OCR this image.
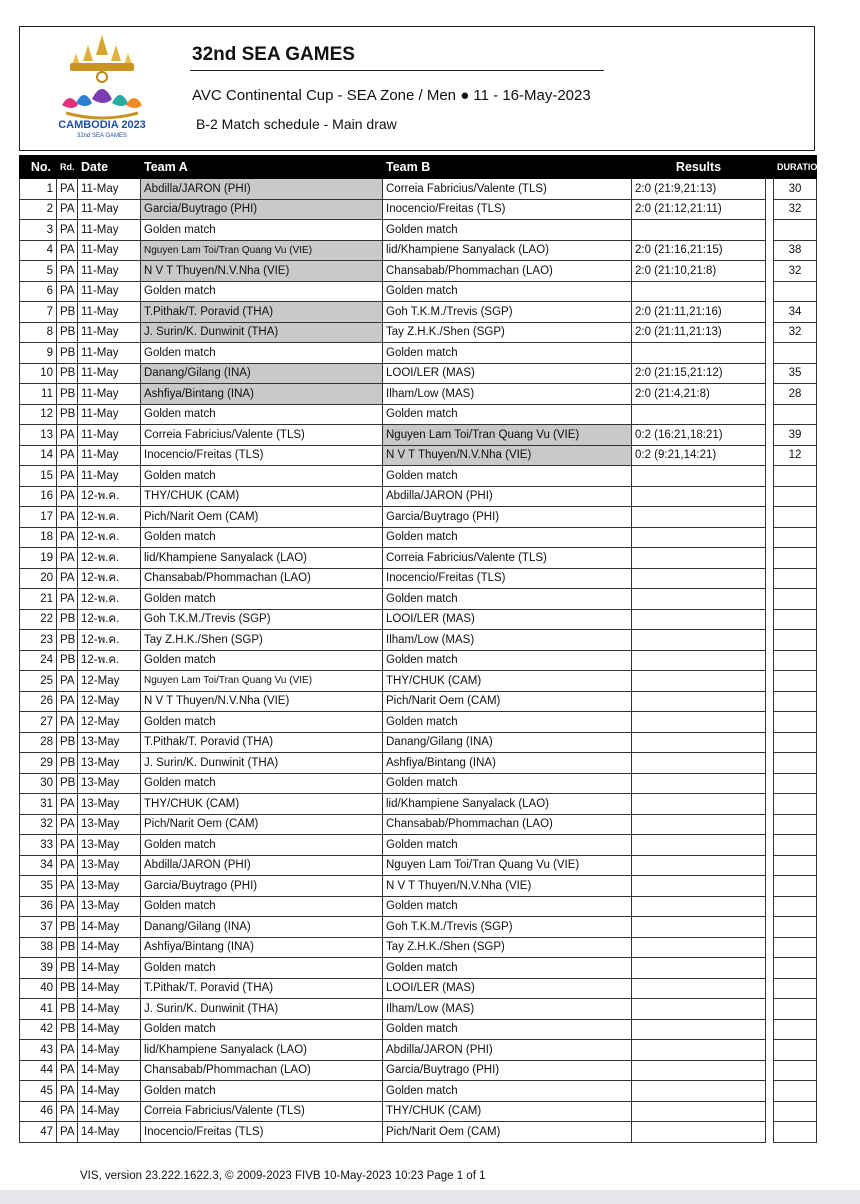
CAMBODIA 2023
32nd SEA GAMES
32nd SEA GAMES
AVC Continental Cup - SEA Zone / Men ● 11 - 16-May-2023
B-2 Match schedule - Main draw
No.	Rd.	Date	Team A	Team B	Results		DURATION
1	PA	11-May	Abdilla/JARON (PHI)	Correia Fabricius/Valente (TLS)	2:0 (21:9,21:13)		30
2	PA	11-May	Garcia/Buytrago (PHI)	Inocencio/Freitas (TLS)	2:0 (21:12,21:11)		32
3	PA	11-May	Golden match	Golden match			
4	PA	11-May	Nguyen Lam Toi/Tran Quang Vu (VIE)	lid/Khampiene Sanyalack (LAO)	2:0 (21:16,21:15)		38
5	PA	11-May	N V T Thuyen/N.V.Nha (VIE)	Chansabab/Phommachan (LAO)	2:0 (21:10,21:8)		32
6	PA	11-May	Golden match	Golden match			
7	PB	11-May	T.Pithak/T. Poravid (THA)	Goh T.K.M./Trevis (SGP)	2:0 (21:11,21:16)		34
8	PB	11-May	J. Surin/K. Dunwinit (THA)	Tay Z.H.K./Shen (SGP)	2:0 (21:11,21:13)		32
9	PB	11-May	Golden match	Golden match			
10	PB	11-May	Danang/Gilang (INA)	LOOI/LER (MAS)	2:0 (21:15,21:12)		35
11	PB	11-May	Ashfiya/Bintang (INA)	Ilham/Low (MAS)	2:0 (21:4,21:8)		28
12	PB	11-May	Golden match	Golden match			
13	PA	11-May	Correia Fabricius/Valente (TLS)	Nguyen Lam Toi/Tran Quang Vu (VIE)	0:2 (16:21,18:21)		39
14	PA	11-May	Inocencio/Freitas (TLS)	N V T Thuyen/N.V.Nha (VIE)	0:2 (9:21,14:21)		12
15	PA	11-May	Golden match	Golden match			
16	PA	12-พ.ค.	THY/CHUK (CAM)	Abdilla/JARON (PHI)			
17	PA	12-พ.ค.	Pich/Narit Oem (CAM)	Garcia/Buytrago (PHI)			
18	PA	12-พ.ค.	Golden match	Golden match			
19	PA	12-พ.ค.	lid/Khampiene Sanyalack (LAO)	Correia Fabricius/Valente (TLS)			
20	PA	12-พ.ค.	Chansabab/Phommachan (LAO)	Inocencio/Freitas (TLS)			
21	PA	12-พ.ค.	Golden match	Golden match			
22	PB	12-พ.ค.	Goh T.K.M./Trevis (SGP)	LOOI/LER (MAS)			
23	PB	12-พ.ค.	Tay Z.H.K./Shen (SGP)	Ilham/Low (MAS)			
24	PB	12-พ.ค.	Golden match	Golden match			
25	PA	12-May	Nguyen Lam Toi/Tran Quang Vu (VIE)	THY/CHUK (CAM)			
26	PA	12-May	N V T Thuyen/N.V.Nha (VIE)	Pich/Narit Oem (CAM)			
27	PA	12-May	Golden match	Golden match			
28	PB	13-May	T.Pithak/T. Poravid (THA)	Danang/Gilang (INA)			
29	PB	13-May	J. Surin/K. Dunwinit (THA)	Ashfiya/Bintang (INA)			
30	PB	13-May	Golden match	Golden match			
31	PA	13-May	THY/CHUK (CAM)	lid/Khampiene Sanyalack (LAO)			
32	PA	13-May	Pich/Narit Oem (CAM)	Chansabab/Phommachan (LAO)			
33	PA	13-May	Golden match	Golden match			
34	PA	13-May	Abdilla/JARON (PHI)	Nguyen Lam Toi/Tran Quang Vu (VIE)			
35	PA	13-May	Garcia/Buytrago (PHI)	N V T Thuyen/N.V.Nha (VIE)			
36	PA	13-May	Golden match	Golden match			
37	PB	14-May	Danang/Gilang (INA)	Goh T.K.M./Trevis (SGP)			
38	PB	14-May	Ashfiya/Bintang (INA)	Tay Z.H.K./Shen (SGP)			
39	PB	14-May	Golden match	Golden match			
40	PB	14-May	T.Pithak/T. Poravid (THA)	LOOI/LER (MAS)			
41	PB	14-May	J. Surin/K. Dunwinit (THA)	Ilham/Low (MAS)			
42	PB	14-May	Golden match	Golden match			
43	PA	14-May	lid/Khampiene Sanyalack (LAO)	Abdilla/JARON (PHI)			
44	PA	14-May	Chansabab/Phommachan (LAO)	Garcia/Buytrago (PHI)			
45	PA	14-May	Golden match	Golden match			
46	PA	14-May	Correia Fabricius/Valente (TLS)	THY/CHUK (CAM)			
47	PA	14-May	Inocencio/Freitas (TLS)	Pich/Narit Oem (CAM)			
VIS, version 23.222.1622.3, © 2009-2023 FIVB 10-May-2023 10:23 Page 1 of 1
